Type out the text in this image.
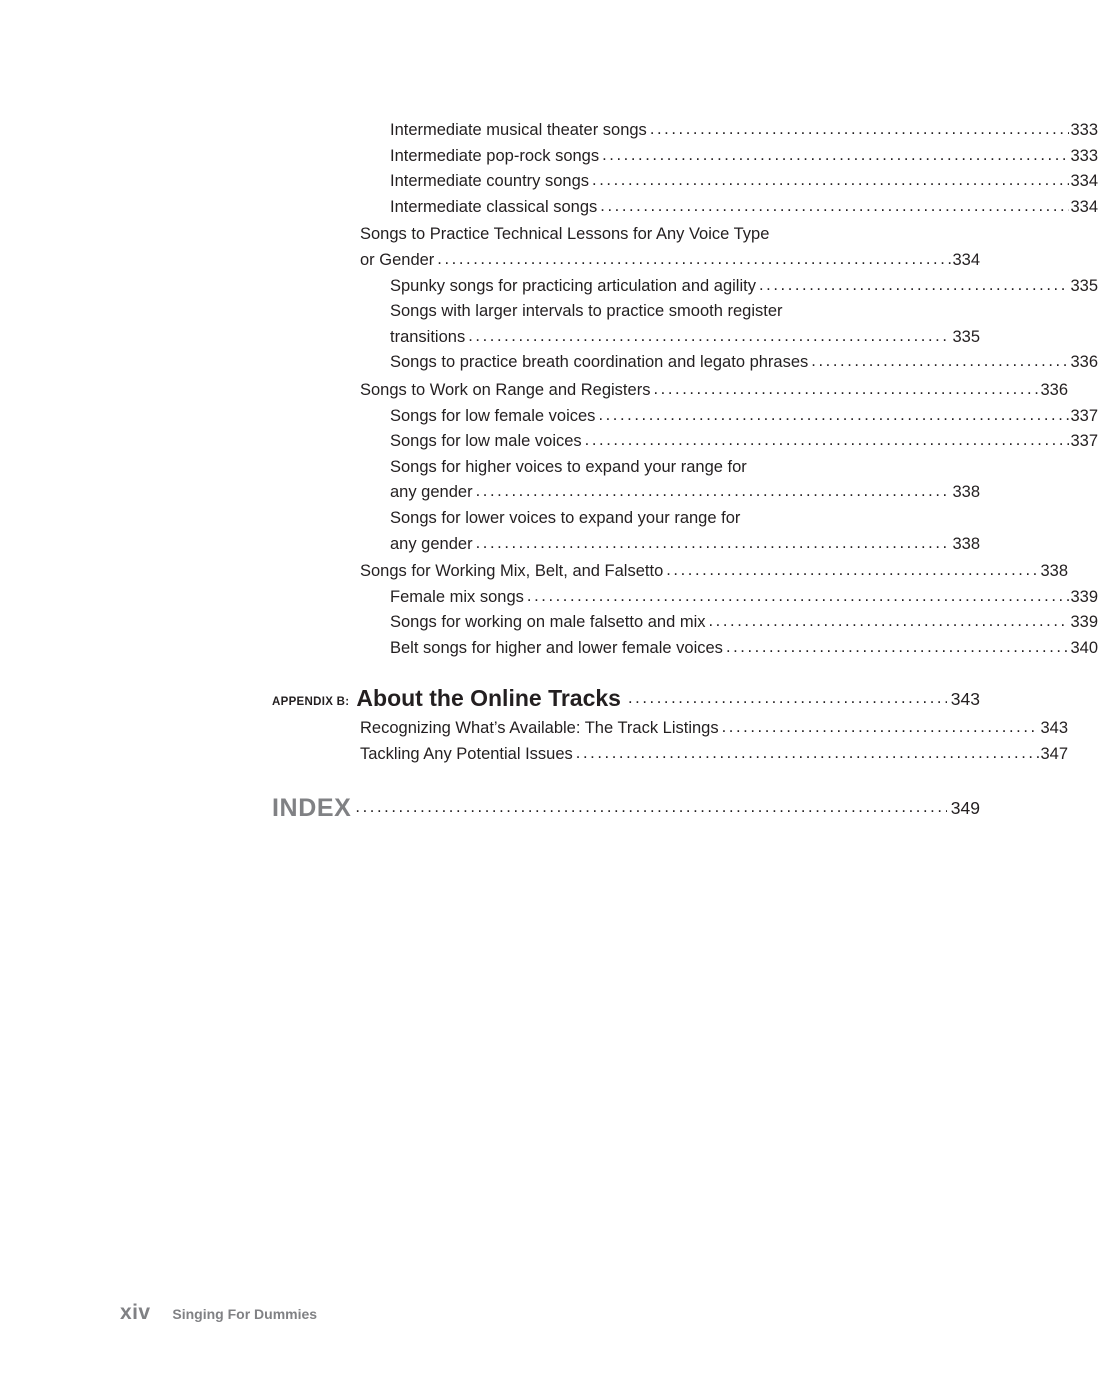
Intermediate musical theater songs .....	333
Intermediate pop-rock songs .....	333
Intermediate country songs .....	334
Intermediate classical songs .....	334
Songs to Practice Technical Lessons for Any Voice Type
or Gender .....	334
Spunky songs for practicing articulation and agility .....	335
Songs with larger intervals to practice smooth register
transitions .....	335
Songs to practice breath coordination and legato phrases .....	336
Songs to Work on Range and Registers .....	336
Songs for low female voices .....	337
Songs for low male voices .....	337
Songs for higher voices to expand your range for
any gender .....	338
Songs for lower voices to expand your range for
any gender .....	338
Songs for Working Mix, Belt, and Falsetto .....	338
Female mix songs .....	339
Songs for working on male falsetto and mix .....	339
Belt songs for higher and lower female voices .....	340
APPENDIX B: About the Online Tracks .....	343
Recognizing What’s Available: The Track Listings .....	343
Tackling Any Potential Issues .....	347
INDEX .....	349
xiv Singing For Dummies
